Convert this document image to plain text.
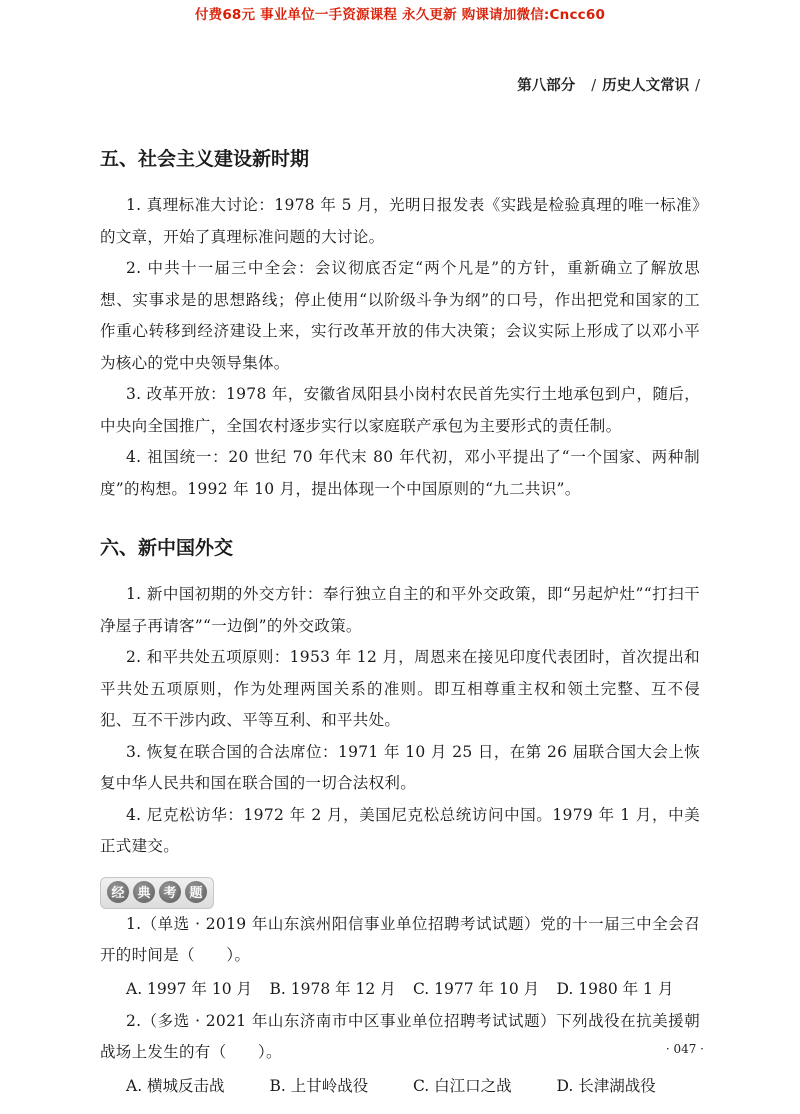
付费68元 事业单位一手资源课程 永久更新 购课请加微信:Cncc60
第八部分 / 历史人文常识 /
五、社会主义建设新时期

1. 真理标准大讨论：1978 年 5 月，光明日报发表《实践是检验真理的唯一标准》的文章，开始了真理标准问题的大讨论。

2. 中共十一届三中全会：会议彻底否定“两个凡是”的方针，重新确立了解放思想、实事求是的思想路线；停止使用“以阶级斗争为纲”的口号，作出把党和国家的工作重心转移到经济建设上来，实行改革开放的伟大决策；会议实际上形成了以邓小平为核心的党中央领导集体。

3. 改革开放：1978 年，安徽省凤阳县小岗村农民首先实行土地承包到户，随后，中央向全国推广，全国农村逐步实行以家庭联产承包为主要形式的责任制。

4. 祖国统一：20 世纪 70 年代末 80 年代初，邓小平提出了“一个国家、两种制度”的构想。1992 年 10 月，提出体现一个中国原则的“九二共识”。

六、新中国外交

1. 新中国初期的外交方针：奉行独立自主的和平外交政策，即“另起炉灶”“打扫干净屋子再请客”“一边倒”的外交政策。

2. 和平共处五项原则：1953 年 12 月，周恩来在接见印度代表团时，首次提出和平共处五项原则，作为处理两国关系的准则。即互相尊重主权和领土完整、互不侵犯、互不干涉内政、平等互利、和平共处。

3. 恢复在联合国的合法席位：1971 年 10 月 25 日，在第 26 届联合国大会上恢复中华人民共和国在联合国的一切合法权利。

4. 尼克松访华：1972 年 2 月，美国尼克松总统访问中国。1979 年 1 月，中美正式建交。

经 典 考 题

1.（单选 · 2019 年山东滨州阳信事业单位招聘考试试题）党的十一届三中全会召开的时间是（　　）。

A. 1997 年 10 月	B. 1978 年 12 月	C. 1977 年 10 月	D. 1980 年 1 月

2.（多选 · 2021 年山东济南市中区事业单位招聘考试试题）下列战役在抗美援朝战场上发生的有（　　）。

A. 横城反击战	B. 上甘岭战役	C. 白江口之战	D. 长津湖战役
· 047 ·
